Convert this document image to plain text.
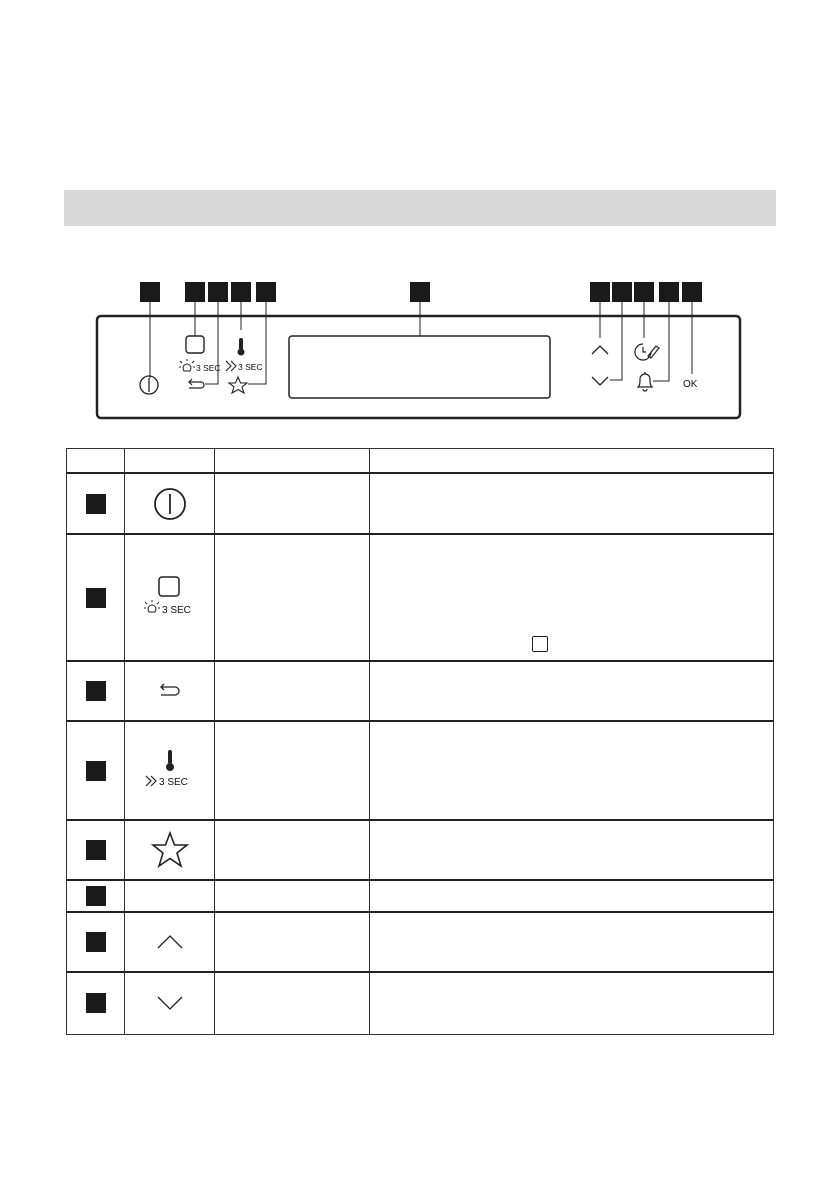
3 SEC 3 SEC
OK

3 SEC		

3 SEC		
